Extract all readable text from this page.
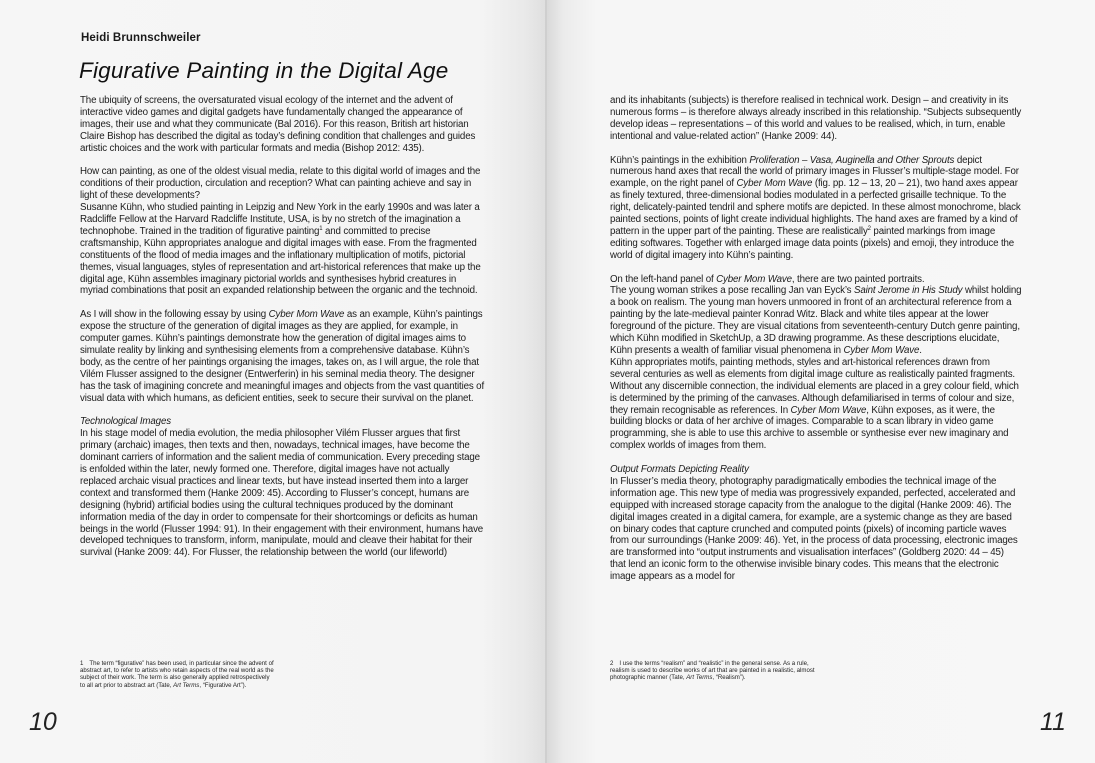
Heidi Brunnschweiler
Figurative Painting in the Digital Age

The ubiquity of screens, the oversaturated visual ecology of the internet and the advent of interactive video games and digital gadgets have fundamentally changed the appearance of images, their use and what they communicate (Bal 2016). For this reason, British art historian Claire Bishop has described the digital as today’s defining condition that challenges and guides artistic choices and the work with particular formats and media (Bishop 2012: 435).

How can painting, as one of the oldest visual media, relate to this digital world of images and the conditions of their production, circulation and reception? What can painting achieve and say in light of these developments?

Susanne Kühn, who studied painting in Leipzig and New York in the early 1990s and was later a Radcliffe Fellow at the Harvard Radcliffe Institute, USA, is by no stretch of the imagination a technophobe. Trained in the tradition of figurative painting$^1$ and committed to precise craftsmanship, Kühn appropriates analogue and digital images with ease. From the fragmented constituents of the flood of media images and the inflationary multiplication of motifs, pictorial themes, visual languages, styles of representation and art-historical references that make up the digital age, Kühn assembles imaginary pictorial worlds and synthesises hybrid creatures in myriad combinations that posit an expanded relationship between the organic and the technoid.

As I will show in the following essay by using Cyber Mom Wave as an example, Kühn’s paintings expose the structure of the generation of digital images as they are applied, for example, in computer games. Kühn’s paintings demonstrate how the generation of digital images aims to simulate reality by linking and synthesising elements from a comprehensive database. Kühn’s body, as the centre of her paintings organising the images, takes on, as I will argue, the role that Vilém Flusser assigned to the designer (Entwerferin) in his seminal media theory. The designer has the task of imagining concrete and meaningful images and objects from the vast quantities of visual data with which humans, as deficient entities, seek to secure their survival on the planet.

Technological Images

In his stage model of media evolution, the media philosopher Vilém Flusser argues that first primary (archaic) images, then texts and then, nowadays, technical images, have become the dominant carriers of information and the salient media of communication. Every preceding stage is enfolded within the later, newly formed one. Therefore, digital images have not actually replaced archaic visual practices and linear texts, but have instead inserted them into a larger context and transformed them (Hanke 2009: 45). According to Flusser’s concept, humans are designing (hybrid) artificial bodies using the cultural techniques produced by the dominant information media of the day in order to compensate for their shortcomings or deficits as human beings in the world (Flusser 1994: 91). In their engagement with their environment, humans have developed techniques to transform, inform, manipulate, mould and cleave their habitat for their survival (Hanke 2009: 44). For Flusser, the relationship between the world (our lifeworld)

1 The term “figurative” has been used, in particular since the advent of abstract art, to refer to artists who retain aspects of the real world as the subject of their work. The term is also generally applied retrospectively to all art prior to abstract art (Tate, Art Terms, “Figurative Art”).

10

and its inhabitants (subjects) is therefore realised in technical work. Design – and creativity in its numerous forms – is therefore always already inscribed in this relationship. “Subjects subsequently develop ideas – representations – of this world and values to be realised, which, in turn, enable intentional and value-related action” (Hanke 2009: 44).

Kühn’s paintings in the exhibition Proliferation – Vasa, Auginella and Other Sprouts depict numerous hand axes that recall the world of primary images in Flusser’s multiple-stage model. For example, on the right panel of Cyber Mom Wave (fig. pp. 12 – 13, 20 – 21), two hand axes appear as finely textured, three-dimensional bodies modulated in a perfected grisaille technique. To the right, delicately-painted tendril and sphere motifs are depicted. In these almost monochrome, black painted sections, points of light create individual highlights. The hand axes are framed by a kind of pattern in the upper part of the painting. These are realistically$^2$ painted markings from image editing softwares. Together with enlarged image data points (pixels) and emoji, they introduce the world of digital imagery into Kühn’s painting.

On the left-hand panel of Cyber Mom Wave, there are two painted portraits.

The young woman strikes a pose recalling Jan van Eyck’s Saint Jerome in His Study whilst holding a book on realism. The young man hovers unmoored in front of an architectural reference from a painting by the late-medieval painter Konrad Witz. Black and white tiles appear at the lower foreground of the picture. They are visual citations from seventeenth-century Dutch genre painting, which Kühn modified in SketchUp, a 3D drawing programme. As these descriptions elucidate, Kühn presents a wealth of familiar visual phenomena in Cyber Mom Wave.

Kühn appropriates motifs, painting methods, styles and art-historical references drawn from several centuries as well as elements from digital image culture as realistically painted fragments. Without any discernible connection, the individual elements are placed in a grey colour field, which is determined by the priming of the canvases. Although defamiliarised in terms of colour and size, they remain recognisable as references. In Cyber Mom Wave, Kühn exposes, as it were, the building blocks or data of her archive of images. Comparable to a scan library in video game programming, she is able to use this archive to assemble or synthesise ever new imaginary and complex worlds of images from them.

Output Formats Depicting Reality

In Flusser’s media theory, photography paradigmatically embodies the technical image of the information age. This new type of media was progressively expanded, perfected, accelerated and equipped with increased storage capacity from the analogue to the digital (Hanke 2009: 46). The digital images created in a digital camera, for example, are a systemic change as they are based on binary codes that capture crunched and computed points (pixels) of incoming particle waves from our surroundings (Hanke 2009: 46). Yet, in the process of data processing, electronic images are transformed into “output instruments and visualisation interfaces” (Goldberg 2020: 44 – 45) that lend an iconic form to the otherwise invisible binary codes. This means that the electronic image appears as a model for

2 I use the terms “realism” and “realistic” in the general sense. As a rule, realism is used to describe works of art that are painted in a realistic, almost photographic manner (Tate, Art Terms, “Realism”).

11
